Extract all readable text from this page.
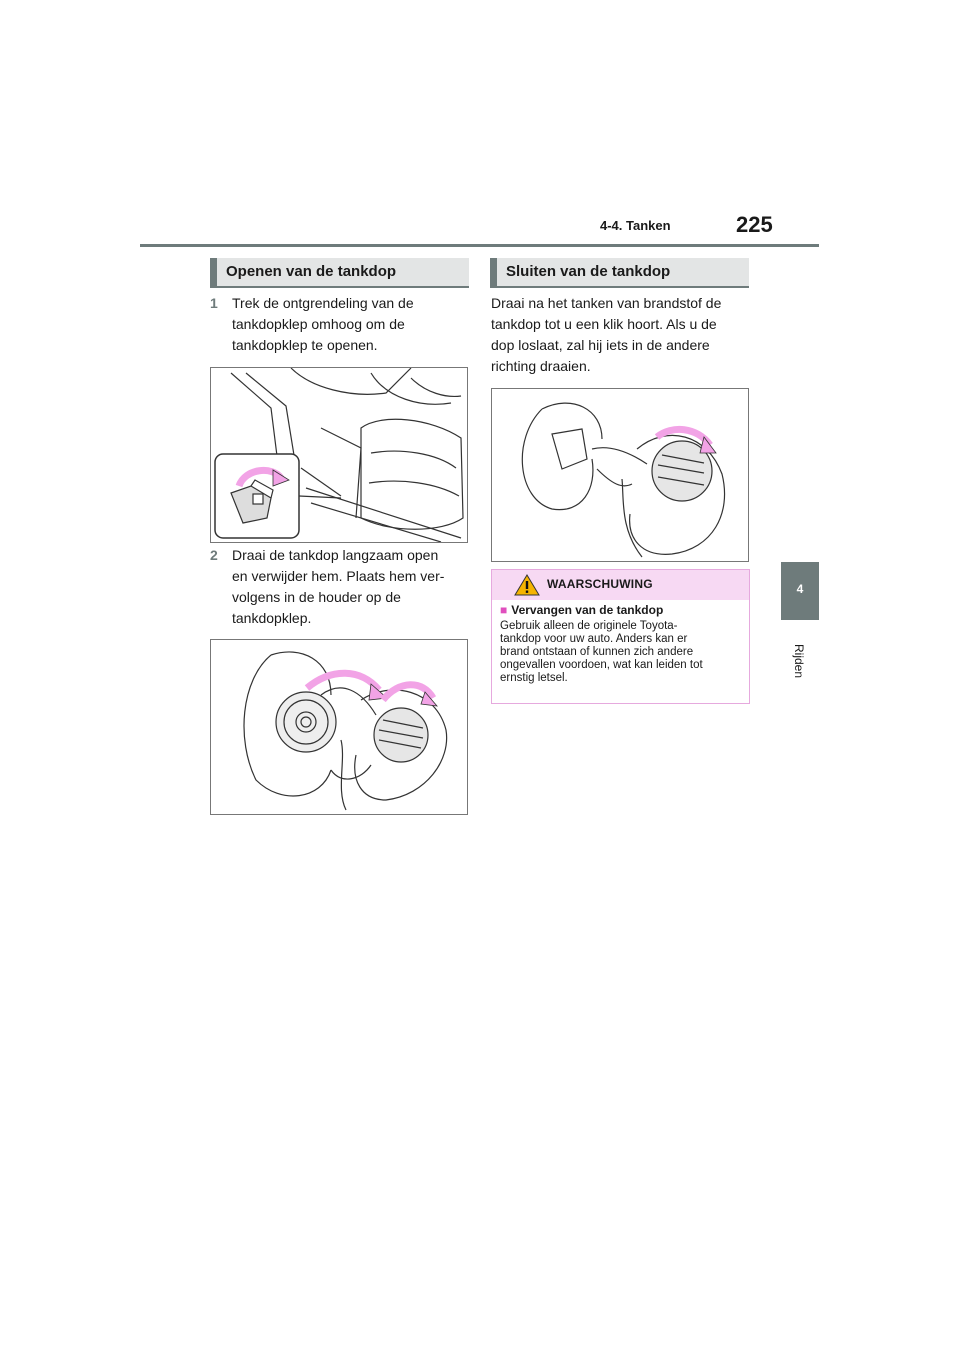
4-4. Tanken	225
4
Rijden
Openen van de tankdop
1 Trek de ontgrendeling van de
tankdopklep omhoog om de
tankdopklep te openen.
2 Draai de tankdop langzaam open
en verwijder hem. Plaats hem ver-
volgens in de houder op de
tankdopklep.
Sluiten van de tankdop
Draai na het tanken van brandstof de
tankdop tot u een klik hoort. Als u de
dop loslaat, zal hij iets in de andere
richting draaien.
WAARSCHUWING
■ Vervangen van de tankdop
Gebruik alleen de originele Toyota-
tankdop voor uw auto. Anders kan er
brand ontstaan of kunnen zich andere
ongevallen voordoen, wat kan leiden tot
ernstig letsel.
